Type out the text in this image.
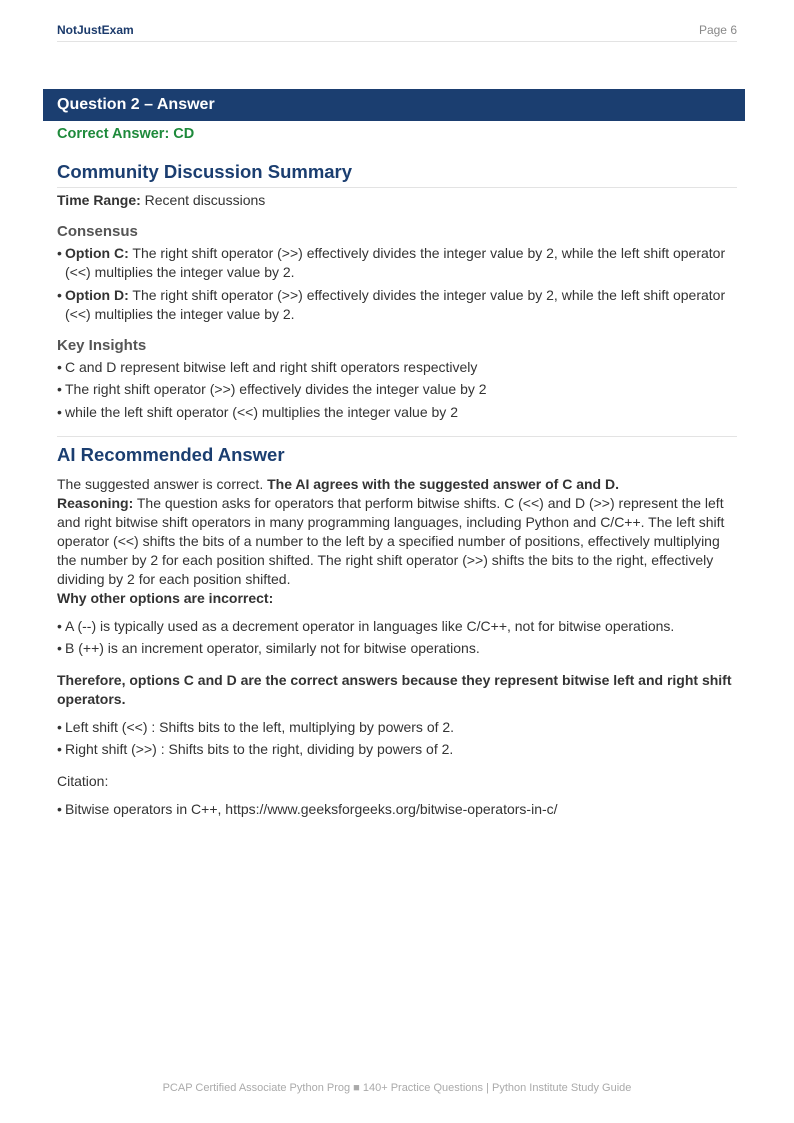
NotJustExam	Page 6
Question 2 – Answer
Correct Answer: CD
Community Discussion Summary
Time Range: Recent discussions
Consensus
• Option C: The right shift operator (>>) effectively divides the integer value by 2, while the left shift operator (<<) multiplies the integer value by 2.
• Option D: The right shift operator (>>) effectively divides the integer value by 2, while the left shift operator (<<) multiplies the integer value by 2.
Key Insights
• C and D represent bitwise left and right shift operators respectively
• The right shift operator (>>) effectively divides the integer value by 2
• while the left shift operator (<<) multiplies the integer value by 2
AI Recommended Answer

The suggested answer is correct. The AI agrees with the suggested answer of C and D.

Reasoning: The question asks for operators that perform bitwise shifts. C (<<) and D (>>) represent the left and right bitwise shift operators in many programming languages, including Python and C/C++. The left shift operator (<<) shifts the bits of a number to the left by a specified number of positions, effectively multiplying the number by 2 for each position shifted. The right shift operator (>>) shifts the bits to the right, effectively dividing by 2 for each position shifted.

Why other options are incorrect:

• A (--) is typically used as a decrement operator in languages like C/C++, not for bitwise operations.
• B (++) is an increment operator, similarly not for bitwise operations.

Therefore, options C and D are the correct answers because they represent bitwise left and right shift operators.

• Left shift (<<) : Shifts bits to the left, multiplying by powers of 2.
• Right shift (>>) : Shifts bits to the right, dividing by powers of 2.

Citation:

• Bitwise operators in C++, https://www.geeksforgeeks.org/bitwise-operators-in-c/
PCAP Certified Associate Python Prog ■ 140+ Practice Questions | Python Institute Study Guide
